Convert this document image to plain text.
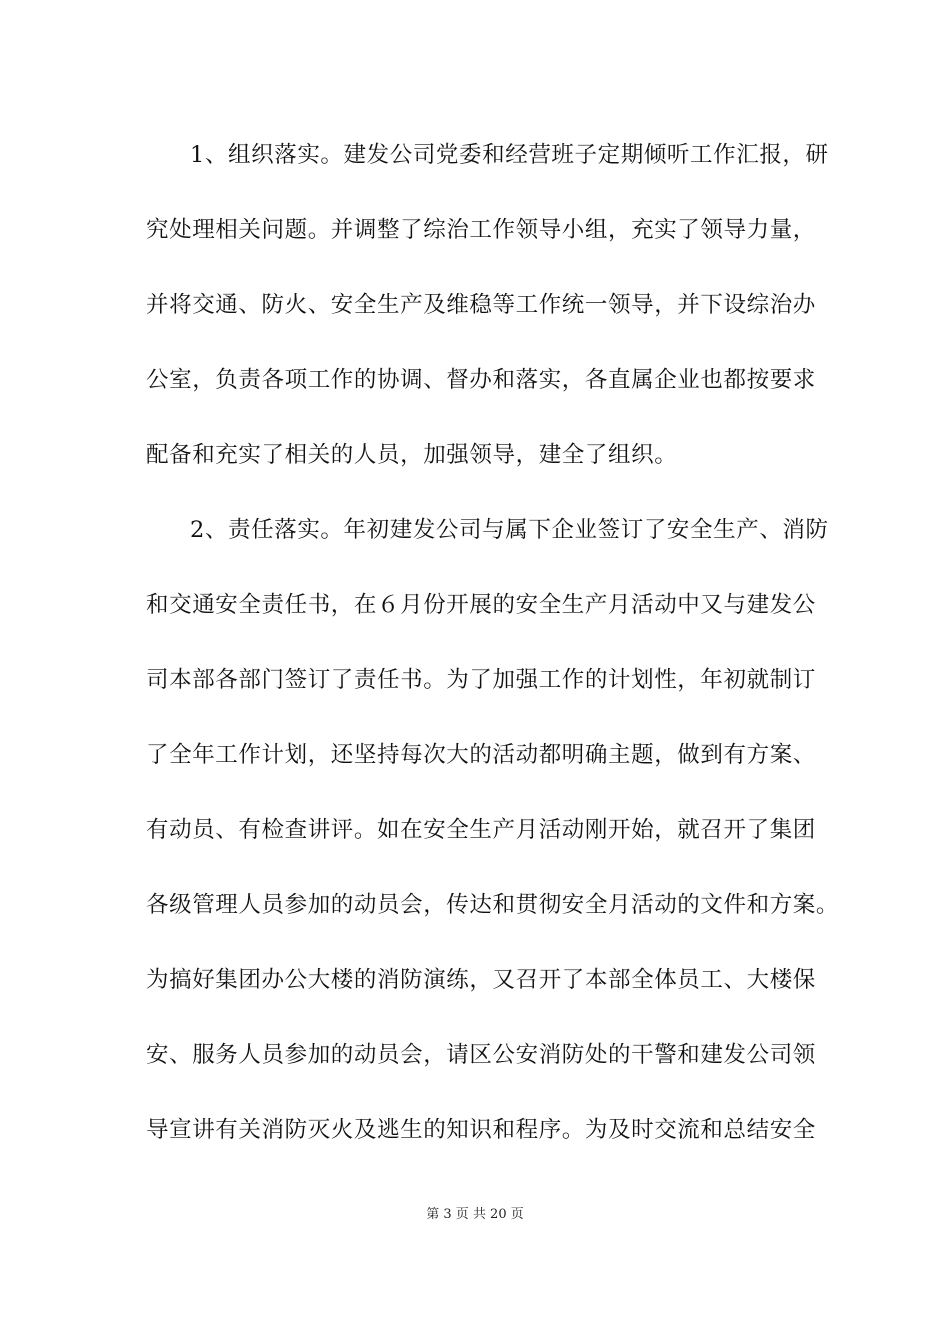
1、组织落实。建发公司党委和经营班子定期倾听工作汇报，研
究处理相关问题。并调整了综治工作领导小组，充实了领导力量，
并将交通、防火、安全生产及维稳等工作统一领导，并下设综治办
公室，负责各项工作的协调、督办和落实，各直属企业也都按要求
配备和充实了相关的人员，加强领导，建全了组织。
2、责任落实。年初建发公司与属下企业签订了安全生产、消防
和交通安全责任书，在６月份开展的安全生产月活动中又与建发公
司本部各部门签订了责任书。为了加强工作的计划性，年初就制订
了全年工作计划，还坚持每次大的活动都明确主题，做到有方案、
有动员、有检查讲评。如在安全生产月活动刚开始，就召开了集团
各级管理人员参加的动员会，传达和贯彻安全月活动的文件和方案。
为搞好集团办公大楼的消防演练，又召开了本部全体员工、大楼保
安、服务人员参加的动员会，请区公安消防处的干警和建发公司领
导宣讲有关消防灭火及逃生的知识和程序。为及时交流和总结安全
第 3 页 共 20 页
